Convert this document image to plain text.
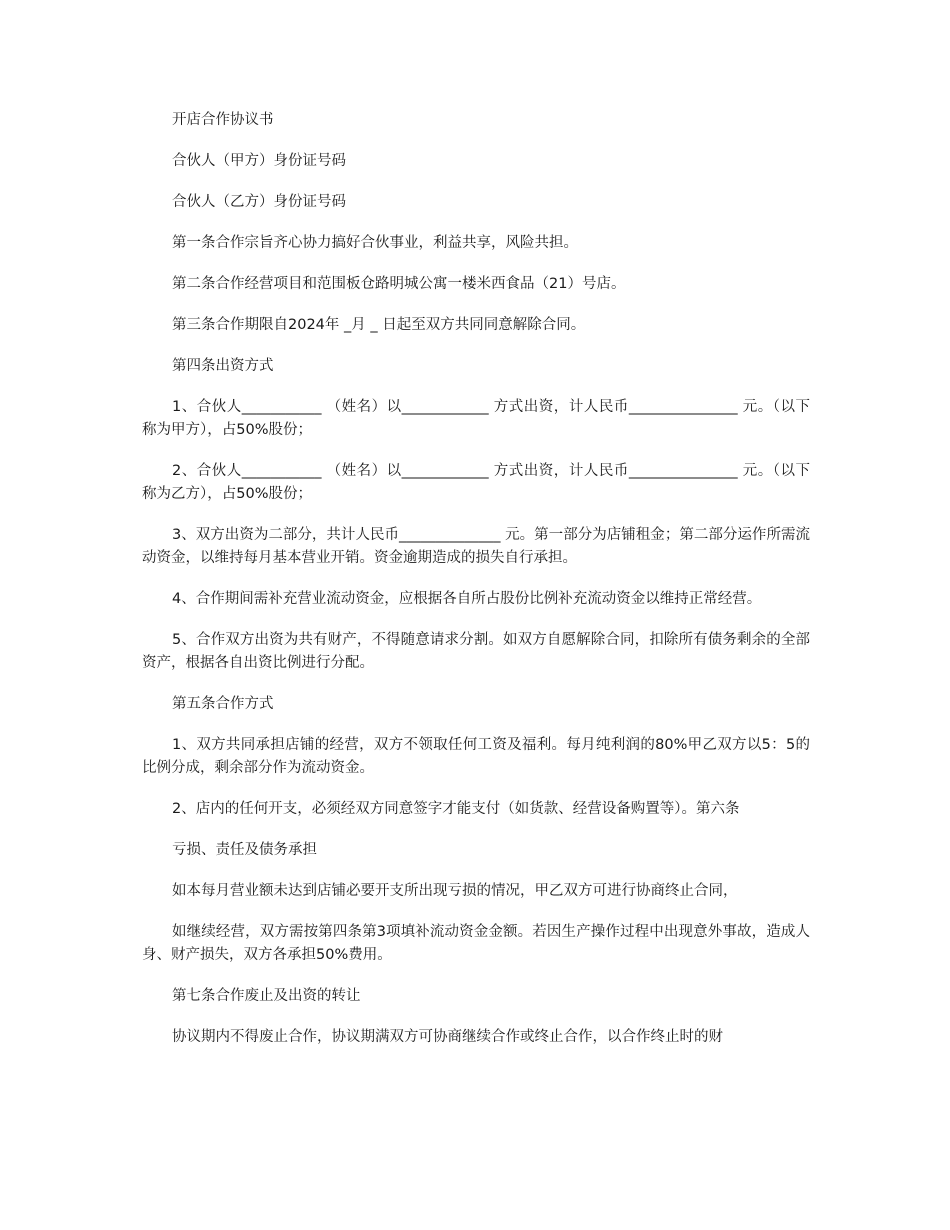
开店合作协议书

合伙人（甲方）身份证号码

合伙人（乙方）身份证号码

第一条合作宗旨齐心协力搞好合伙事业，利益共享，风险共担。

第二条合作经营项目和范围板仓路明城公寓一楼米西食品（21）号店。

第三条合作期限自2024年 _月 _ 日起至双方共同同意解除合同。

第四条出资方式

1、合伙人___________ （姓名）以____________ 方式出资，计人民币_______________ 元。（以下称为甲方），占50%股份；

2、合伙人___________ （姓名）以____________ 方式出资，计人民币_______________ 元。（以下称为乙方），占50%股份；

3、双方出资为二部分，共计人民币______________ 元。第一部分为店铺租金；第二部分运作所需流动资金，以维持每月基本营业开销。资金逾期造成的损失自行承担。

4、合作期间需补充营业流动资金，应根据各自所占股份比例补充流动资金以维持正常经营。

5、合作双方出资为共有财产，不得随意请求分割。如双方自愿解除合同，扣除所有债务剩余的全部资产，根据各自出资比例进行分配。

第五条合作方式

1、双方共同承担店铺的经营，双方不领取任何工资及福利。每月纯利润的80%甲乙双方以5：5的比例分成，剩余部分作为流动资金。

2、店内的任何开支，必须经双方同意签字才能支付（如货款、经营设备购置等）。第六条

亏损、责任及债务承担

如本每月营业额未达到店铺必要开支所出现亏损的情况，甲乙双方可进行协商终止合同，

如继续经营，双方需按第四条第3项填补流动资金金额。若因生产操作过程中出现意外事故，造成人身、财产损失，双方各承担50%费用。

第七条合作废止及出资的转让

协议期内不得废止合作，协议期满双方可协商继续合作或终止合作，以合作终止时的财
